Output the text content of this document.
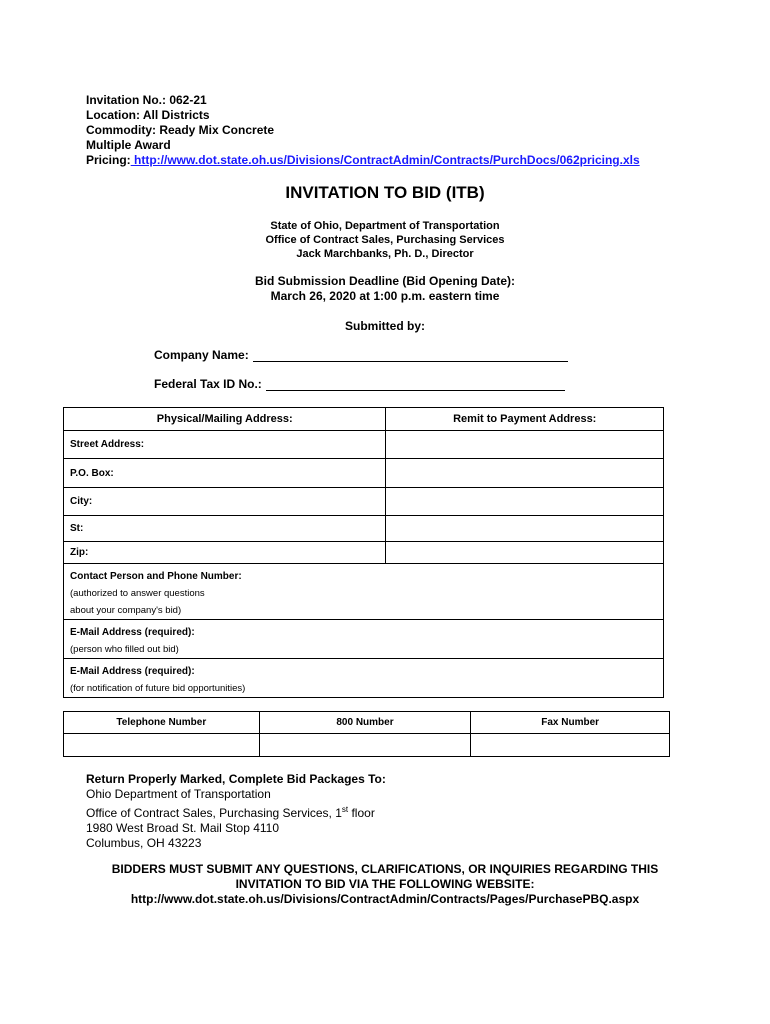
Invitation No.: 062-21
Location: All Districts
Commodity: Ready Mix Concrete
Multiple Award
Pricing: http://www.dot.state.oh.us/Divisions/ContractAdmin/Contracts/PurchDocs/062pricing.xls
INVITATION TO BID (ITB)
State of Ohio, Department of Transportation
Office of Contract Sales, Purchasing Services
Jack Marchbanks, Ph. D., Director
Bid Submission Deadline (Bid Opening Date):
March 26, 2020 at 1:00 p.m. eastern time
Submitted by:
Company Name:
Federal Tax ID No.:
Physical/Mailing Address:	Remit to Payment Address:
Street Address:	
P.O. Box:	
City:	
St:	
Zip:	
Contact Person and Phone Number:
(authorized to answer questions
about your company's bid)	

E-Mail Address (required):
(person who filled out bid)	

E-Mail Address (required):
(for notification of future bid opportunities)	
Telephone Number	800 Number	Fax Number

Return Properly Marked, Complete Bid Packages To:
Ohio Department of Transportation
Office of Contract Sales, Purchasing Services, 1st floor
1980 West Broad St. Mail Stop 4110
Columbus, OH 43223
BIDDERS MUST SUBMIT ANY QUESTIONS, CLARIFICATIONS, OR INQUIRIES REGARDING THIS
INVITATION TO BID VIA THE FOLLOWING WEBSITE:
http://www.dot.state.oh.us/Divisions/ContractAdmin/Contracts/Pages/PurchasePBQ.aspx
